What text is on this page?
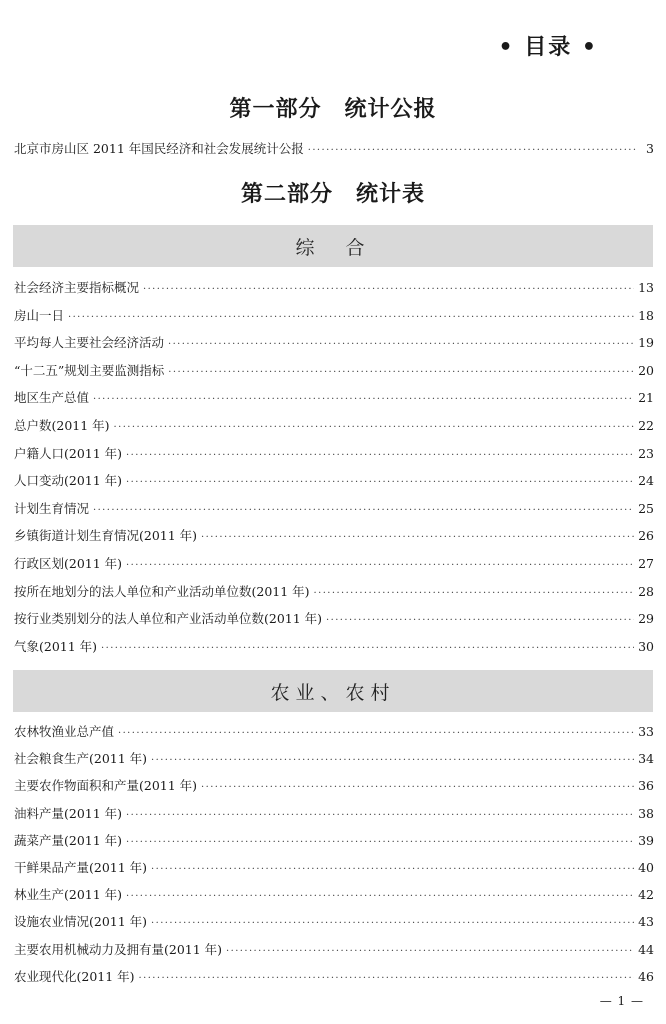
• 目录 •
第一部分　统计公报
北京市房山区 2011 年国民经济和社会发展统计公报 ·····	3
第二部分　统计表
综　合
社会经济主要指标概况 ·····	13
房山一日 ·····	18
平均每人主要社会经济活动 ·····	19
“十二五”规划主要监测指标 ·····	20
地区生产总值 ·····	21
总户数(2011 年) ·····	22
户籍人口(2011 年) ·····	23
人口变动(2011 年) ·····	24
计划生育情况 ·····	25
乡镇街道计划生育情况(2011 年) ·····	26
行政区划(2011 年) ·····	27
按所在地划分的法人单位和产业活动单位数(2011 年) ·····	28
按行业类别划分的法人单位和产业活动单位数(2011 年) ·····	29
气象(2011 年) ·····	30
农业、农村
农林牧渔业总产值 ·····	33
社会粮食生产(2011 年) ·····	34
主要农作物面积和产量(2011 年) ·····	36
油料产量(2011 年) ·····	38
蔬菜产量(2011 年) ·····	39
干鲜果品产量(2011 年) ·····	40
林业生产(2011 年) ·····	42
设施农业情况(2011 年) ·····	43
主要农用机械动力及拥有量(2011 年) ·····	44
农业现代化(2011 年) ·····	46
— 1 —
